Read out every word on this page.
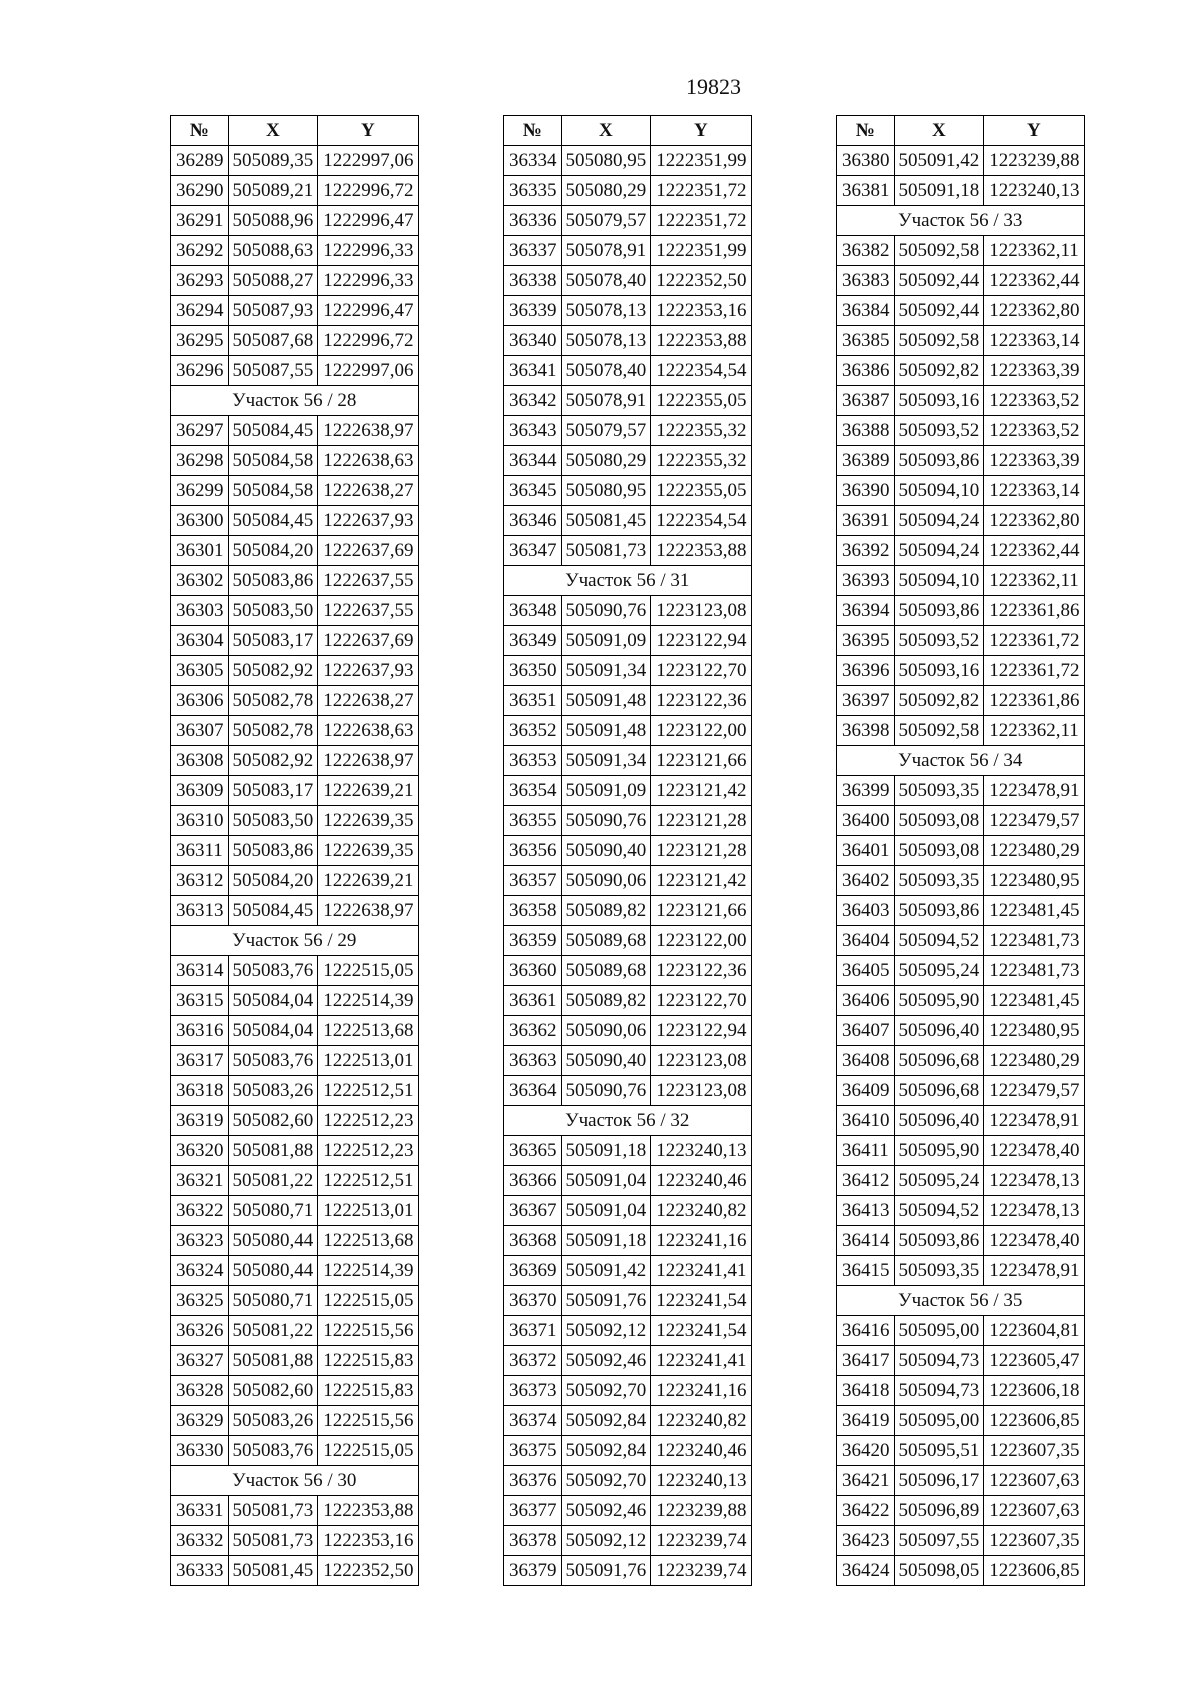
19823
№	X	Y
36289	505089,35	1222997,06
36290	505089,21	1222996,72
36291	505088,96	1222996,47
36292	505088,63	1222996,33
36293	505088,27	1222996,33
36294	505087,93	1222996,47
36295	505087,68	1222996,72
36296	505087,55	1222997,06
Участок 56 / 28		
36297	505084,45	1222638,97
36298	505084,58	1222638,63
36299	505084,58	1222638,27
36300	505084,45	1222637,93
36301	505084,20	1222637,69
36302	505083,86	1222637,55
36303	505083,50	1222637,55
36304	505083,17	1222637,69
36305	505082,92	1222637,93
36306	505082,78	1222638,27
36307	505082,78	1222638,63
36308	505082,92	1222638,97
36309	505083,17	1222639,21
36310	505083,50	1222639,35
36311	505083,86	1222639,35
36312	505084,20	1222639,21
36313	505084,45	1222638,97
Участок 56 / 29		
36314	505083,76	1222515,05
36315	505084,04	1222514,39
36316	505084,04	1222513,68
36317	505083,76	1222513,01
36318	505083,26	1222512,51
36319	505082,60	1222512,23
36320	505081,88	1222512,23
36321	505081,22	1222512,51
36322	505080,71	1222513,01
36323	505080,44	1222513,68
36324	505080,44	1222514,39
36325	505080,71	1222515,05
36326	505081,22	1222515,56
36327	505081,88	1222515,83
36328	505082,60	1222515,83
36329	505083,26	1222515,56
36330	505083,76	1222515,05
Участок 56 / 30		
36331	505081,73	1222353,88
36332	505081,73	1222353,16
36333	505081,45	1222352,50
№	X	Y
36334	505080,95	1222351,99
36335	505080,29	1222351,72
36336	505079,57	1222351,72
36337	505078,91	1222351,99
36338	505078,40	1222352,50
36339	505078,13	1222353,16
36340	505078,13	1222353,88
36341	505078,40	1222354,54
36342	505078,91	1222355,05
36343	505079,57	1222355,32
36344	505080,29	1222355,32
36345	505080,95	1222355,05
36346	505081,45	1222354,54
36347	505081,73	1222353,88
Участок 56 / 31		
36348	505090,76	1223123,08
36349	505091,09	1223122,94
36350	505091,34	1223122,70
36351	505091,48	1223122,36
36352	505091,48	1223122,00
36353	505091,34	1223121,66
36354	505091,09	1223121,42
36355	505090,76	1223121,28
36356	505090,40	1223121,28
36357	505090,06	1223121,42
36358	505089,82	1223121,66
36359	505089,68	1223122,00
36360	505089,68	1223122,36
36361	505089,82	1223122,70
36362	505090,06	1223122,94
36363	505090,40	1223123,08
36364	505090,76	1223123,08
Участок 56 / 32		
36365	505091,18	1223240,13
36366	505091,04	1223240,46
36367	505091,04	1223240,82
36368	505091,18	1223241,16
36369	505091,42	1223241,41
36370	505091,76	1223241,54
36371	505092,12	1223241,54
36372	505092,46	1223241,41
36373	505092,70	1223241,16
36374	505092,84	1223240,82
36375	505092,84	1223240,46
36376	505092,70	1223240,13
36377	505092,46	1223239,88
36378	505092,12	1223239,74
36379	505091,76	1223239,74
№	X	Y
36380	505091,42	1223239,88
36381	505091,18	1223240,13
Участок 56 / 33		
36382	505092,58	1223362,11
36383	505092,44	1223362,44
36384	505092,44	1223362,80
36385	505092,58	1223363,14
36386	505092,82	1223363,39
36387	505093,16	1223363,52
36388	505093,52	1223363,52
36389	505093,86	1223363,39
36390	505094,10	1223363,14
36391	505094,24	1223362,80
36392	505094,24	1223362,44
36393	505094,10	1223362,11
36394	505093,86	1223361,86
36395	505093,52	1223361,72
36396	505093,16	1223361,72
36397	505092,82	1223361,86
36398	505092,58	1223362,11
Участок 56 / 34		
36399	505093,35	1223478,91
36400	505093,08	1223479,57
36401	505093,08	1223480,29
36402	505093,35	1223480,95
36403	505093,86	1223481,45
36404	505094,52	1223481,73
36405	505095,24	1223481,73
36406	505095,90	1223481,45
36407	505096,40	1223480,95
36408	505096,68	1223480,29
36409	505096,68	1223479,57
36410	505096,40	1223478,91
36411	505095,90	1223478,40
36412	505095,24	1223478,13
36413	505094,52	1223478,13
36414	505093,86	1223478,40
36415	505093,35	1223478,91
Участок 56 / 35		
36416	505095,00	1223604,81
36417	505094,73	1223605,47
36418	505094,73	1223606,18
36419	505095,00	1223606,85
36420	505095,51	1223607,35
36421	505096,17	1223607,63
36422	505096,89	1223607,63
36423	505097,55	1223607,35
36424	505098,05	1223606,85
